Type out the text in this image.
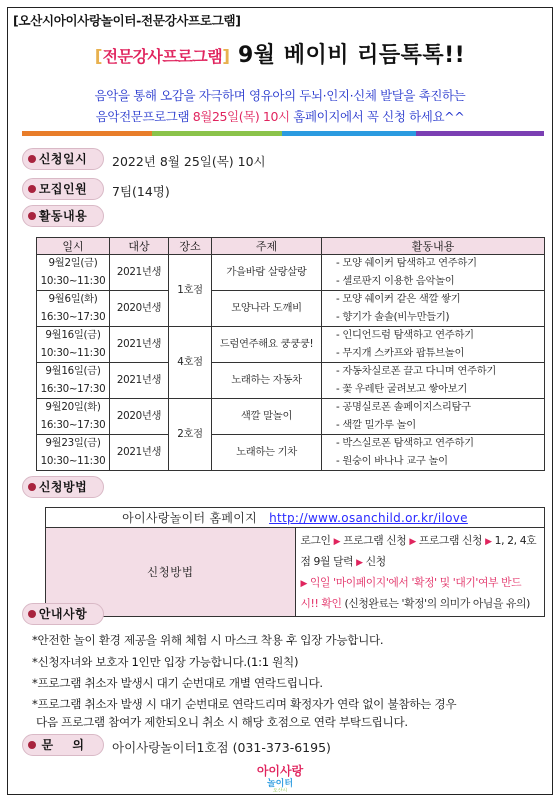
[오산시아이사랑놀이터-전문강사프로그램]
[전문강사프로그램] 9월 베이비 리듬톡톡!!
음악을 통해 오감을 자극하며 영유아의 두뇌·인지·신체 발달을 촉진하는
음악전문프로그램 8월25일(목) 10시 홈페이지에서 꼭 신청 하세요^^
신청일시	2022년 8월 25일(목) 10시
모집인원	7팀(14명)
활동내용
일시	대상	장소	주제	활동내용
9월2일(금)	2021년생	1호점	가을바람 살랑살랑	- 모양 쉐이커 탐색하고 연주하기
10:30~11:30				- 셀로판지 이용한 음악놀이
9월6일(화)	2020년생		모양나라 도깨비	- 모양 쉐이커 같은 색깔 쌓기
16:30~17:30				- 향기가 솔솔(비누만들기)
9월16일(금)	2021년생	4호점	드럼연주해요 쿵쿵쿵!	- 인디언드럼 탐색하고 연주하기
10:30~11:30				- 무지개 스카프와 팝튜브놀이
9월16일(금)	2021년생		노래하는 자동차	- 자동차실로폰 끌고 다니며 연주하기
16:30~17:30				- 꽃 우레탄 굴려보고 쌓아보기
9월20일(화)	2020년생	2호점	색깔 말놀이	- 공명실로폰 솔페이지스리탐구
16:30~17:30				- 색깔 밀가루 놀이
9월23일(금)	2021년생		노래하는 기차	- 박스실로폰 탐색하고 연주하기
10:30~11:30				- 원숭이 바나나 교구 놀이
신청방법
아이사랑놀이터 홈페이지 http://www.osanchild.or.kr/ilove
신청방법	로그인 ▶ 프로그램 신청 ▶ 프로그램 신청 ▶ 1, 2, 4호점 9월 달력 ▶ 신청
▶ 익일 '마이페이지'에서 '확정' 및 '대기'여부 반드시!! 확인 (신청완료는 '확정'의 의미가 아님을 유의)
안내사항
*안전한 놀이 환경 제공을 위해 체험 시 마스크 착용 후 입장 가능합니다.
*신청자녀와 보호자 1인만 입장 가능합니다.(1:1 원칙)
*프로그램 취소자 발생시 대기 순번대로 개별 연락드립니다.
*프로그램 취소자 발생 시 대기 순번대로 연락드리며 확정자가 연락 없이 불참하는 경우
다음 프로그램 참여가 제한되오니 취소 시 해당 호점으로 연락 부탁드립니다.
문    의	아이사랑놀이터1호점 (031-373-6195)
아이사랑
놀이터
오산시
